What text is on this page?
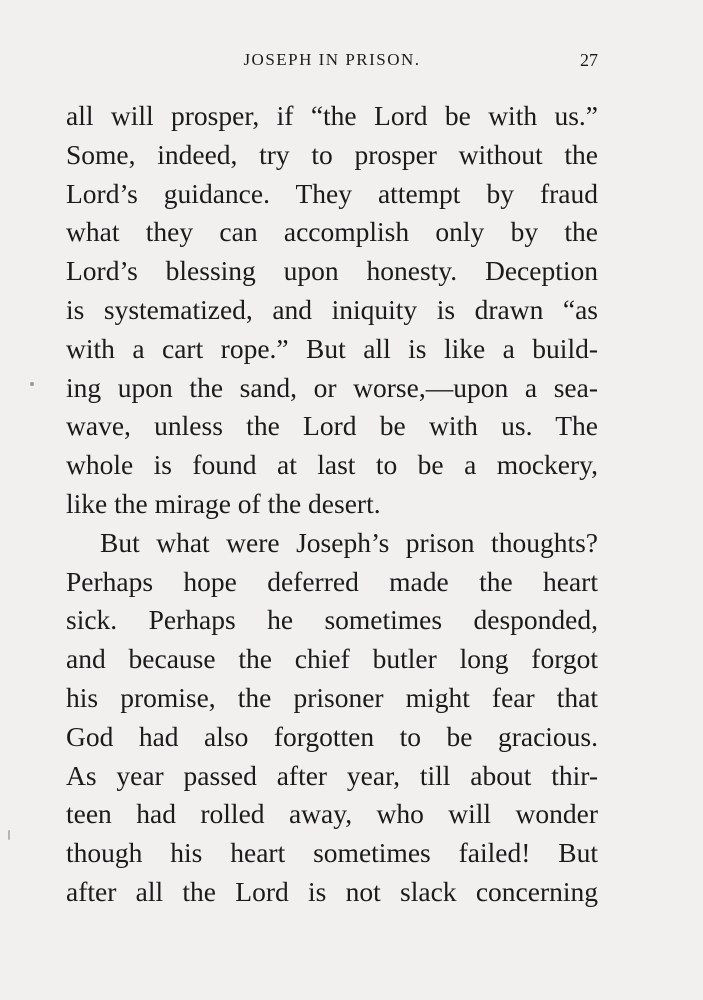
JOSEPH IN PRISON.	27
all will prosper, if “the Lord be with us.”
Some, indeed, try to prosper without the
Lord’s guidance. They attempt by fraud
what they can accomplish only by the
Lord’s blessing upon honesty. Deception
is systematized, and iniquity is drawn “as
with a cart rope.” But all is like a build-
ing upon the sand, or worse,—upon a sea-
wave, unless the Lord be with us. The
whole is found at last to be a mockery,
like the mirage of the desert.
But what were Joseph’s prison thoughts?
Perhaps hope deferred made the heart
sick. Perhaps he sometimes desponded,
and because the chief butler long forgot
his promise, the prisoner might fear that
God had also forgotten to be gracious.
As year passed after year, till about thir-
teen had rolled away, who will wonder
though his heart sometimes failed! But
after all the Lord is not slack concerning
